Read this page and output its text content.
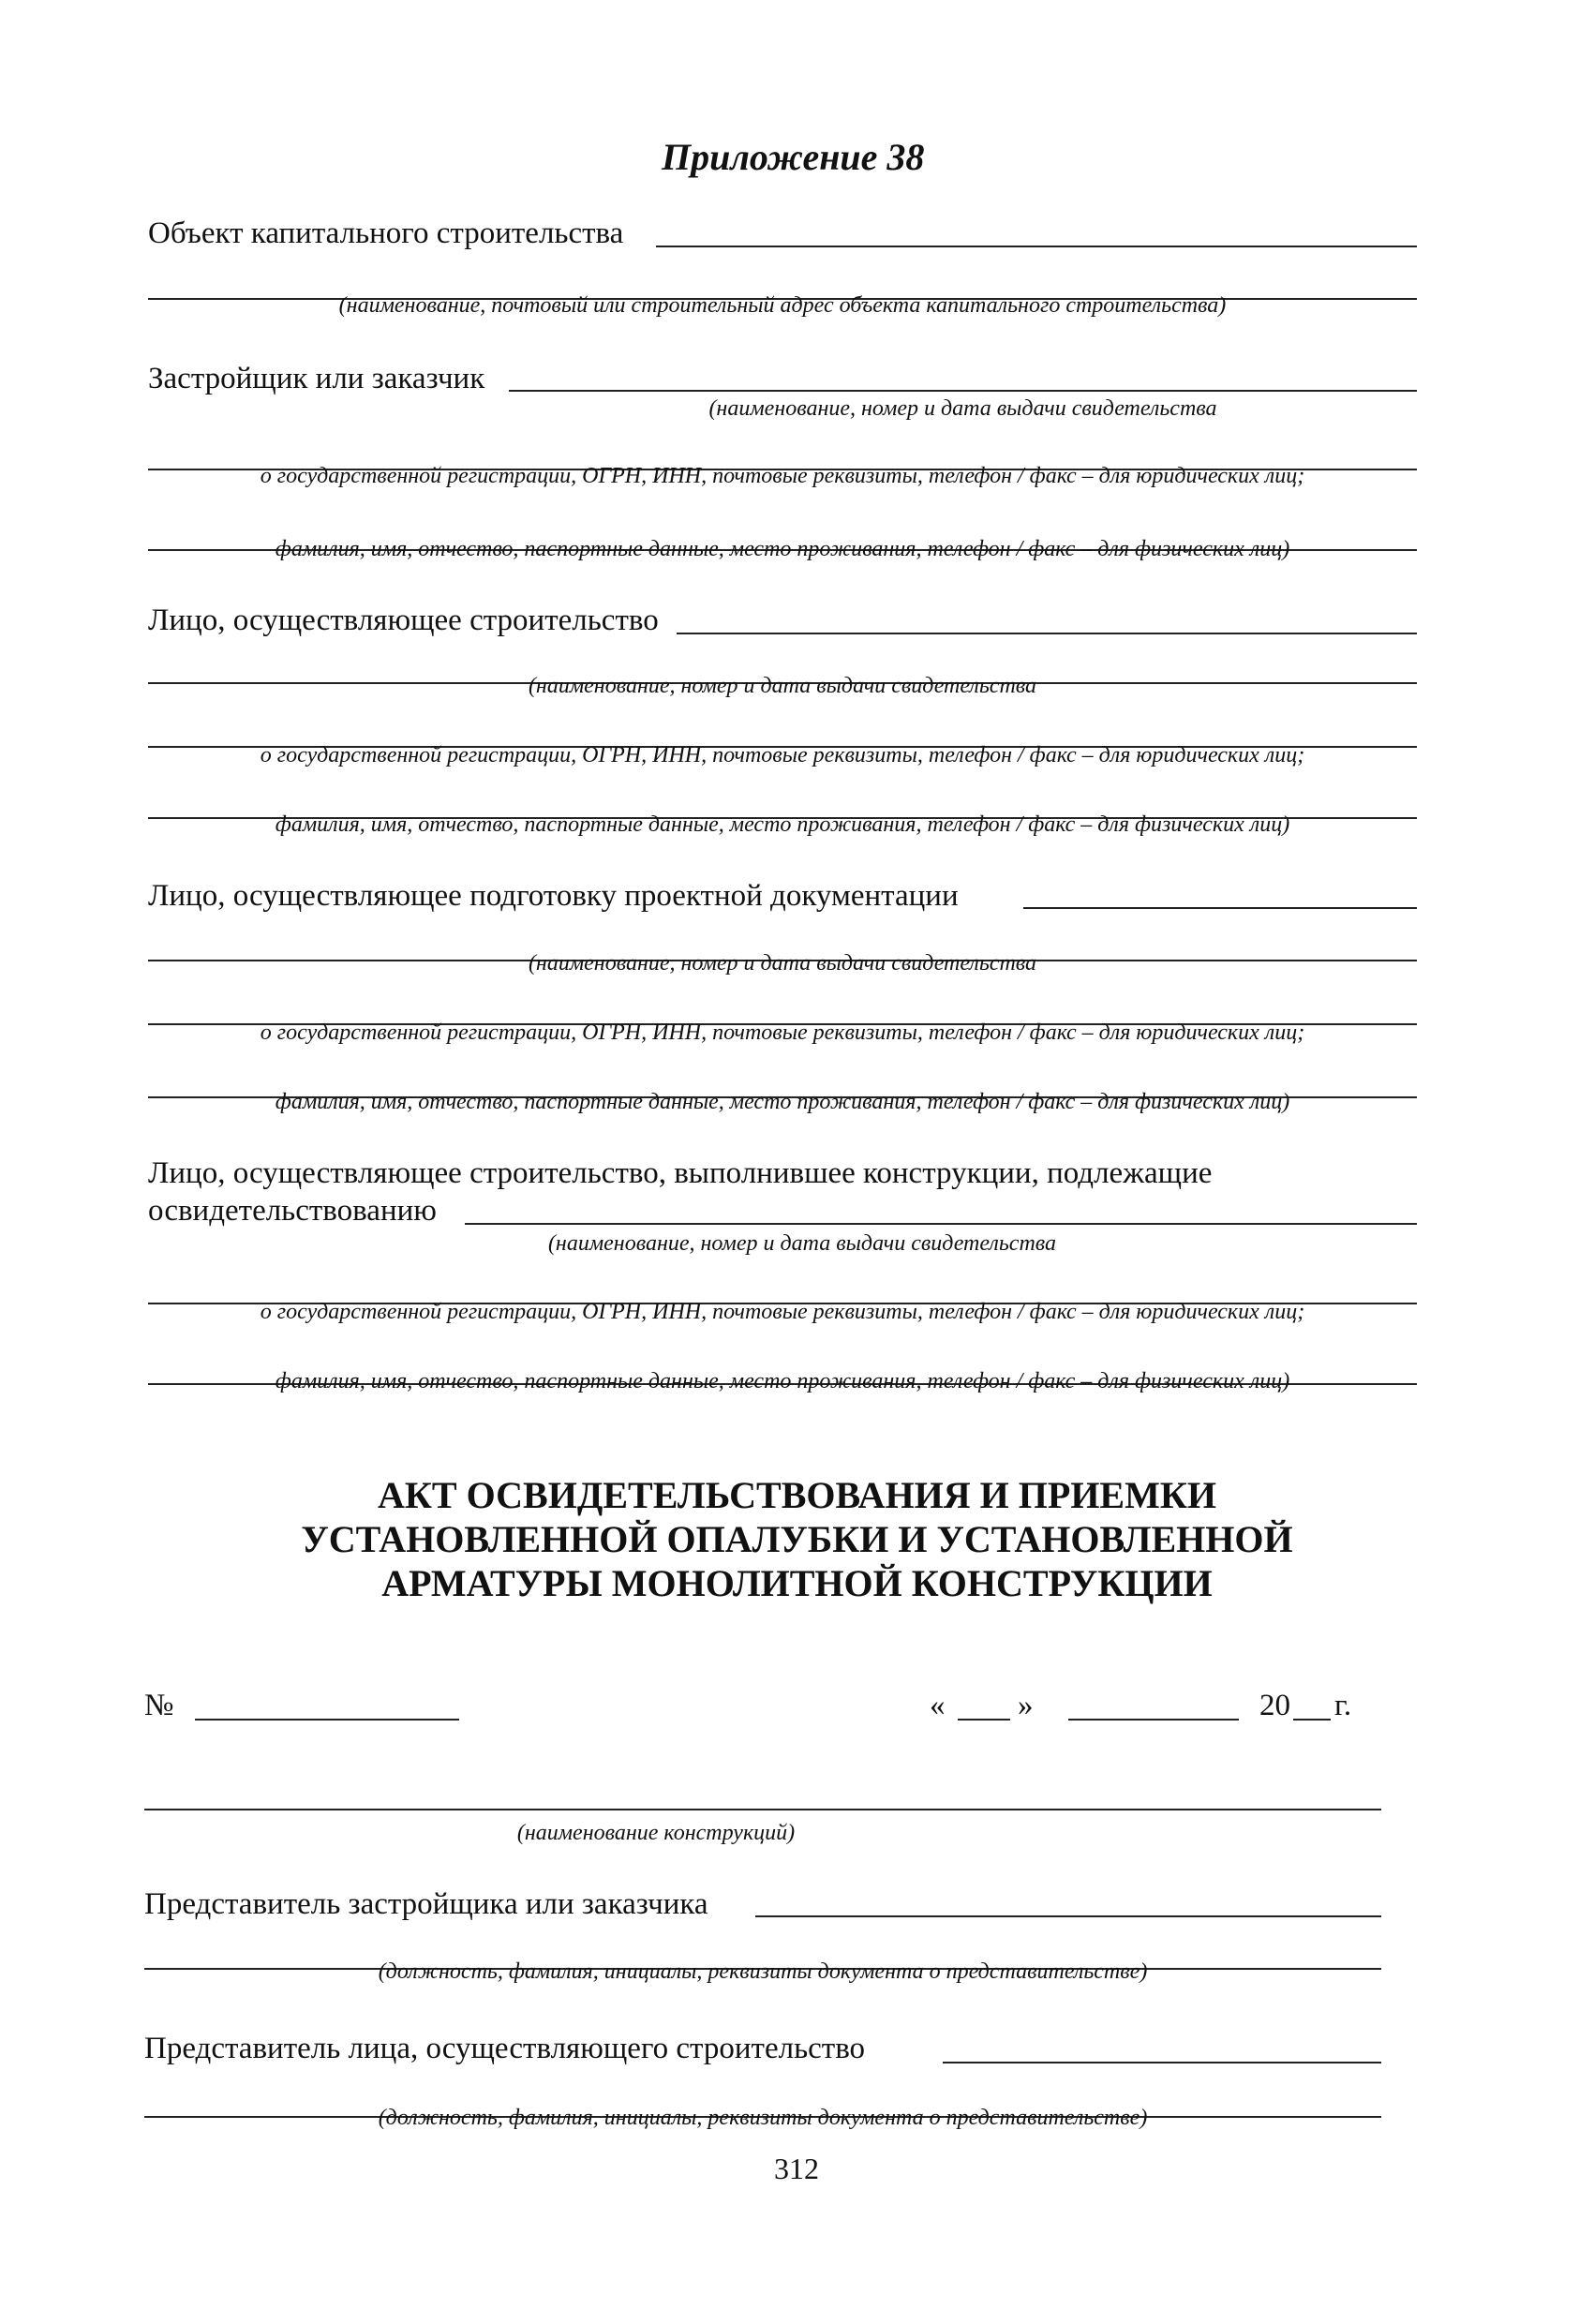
Приложение 38
Объект капитального строительства
(наименование, почтовый или строительный адрес объекта капитального строительства)
Застройщик или заказчик
(наименование, номер и дата выдачи свидетельства
о государственной регистрации, ОГРН, ИНН, почтовые реквизиты, телефон / факс – для юридических лиц;
фамилия, имя, отчество, паспортные данные, место проживания, телефон / факс – для физических лиц)
Лицо, осуществляющее строительство
(наименование, номер и дата выдачи свидетельства
о государственной регистрации, ОГРН, ИНН, почтовые реквизиты, телефон / факс – для юридических лиц;
фамилия, имя, отчество, паспортные данные, место проживания, телефон / факс – для физических лиц)
Лицо, осуществляющее подготовку проектной документации
(наименование, номер и дата выдачи свидетельства
о государственной регистрации, ОГРН, ИНН, почтовые реквизиты, телефон / факс – для юридических лиц;
фамилия, имя, отчество, паспортные данные, место проживания, телефон / факс – для физических лиц)
Лицо, осуществляющее строительство, выполнившее конструкции, подлежащие
освидетельствованию
(наименование, номер и дата выдачи свидетельства
о государственной регистрации, ОГРН, ИНН, почтовые реквизиты, телефон / факс – для юридических лиц;
фамилия, имя, отчество, паспортные данные, место проживания, телефон / факс – для физических лиц)
АКТ ОСВИДЕТЕЛЬСТВОВАНИЯ И ПРИЕМКИ
УСТАНОВЛЕННОЙ ОПАЛУБКИ И УСТАНОВЛЕННОЙ
АРМАТУРЫ МОНОЛИТНОЙ КОНСТРУКЦИИ
№	« »	20 г.
(наименование конструкций)
Представитель застройщика или заказчика
(должность, фамилия, инициалы, реквизиты документа о представительстве)
Представитель лица, осуществляющего строительство
(должность, фамилия, инициалы, реквизиты документа о представительстве)
312
